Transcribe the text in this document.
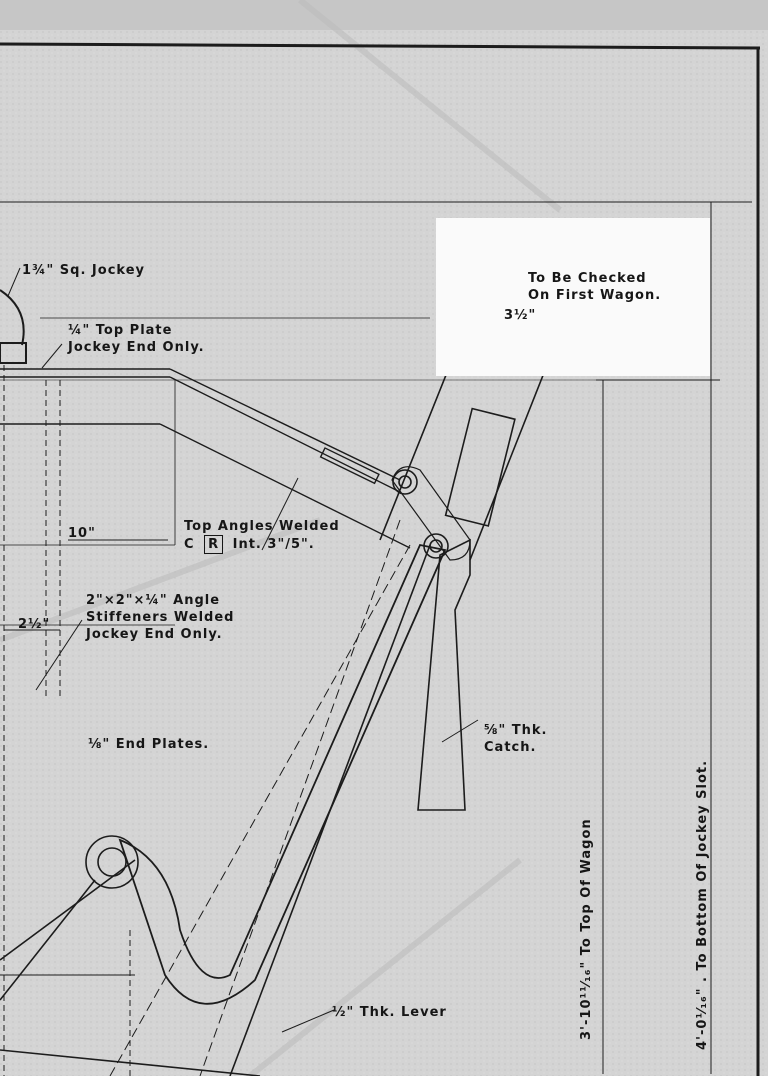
1¾" Sq. Jockey
¼" Top Plate
Jockey End Only.
To Be Checked
On First Wagon.
3½"
10"	Top Angles Welded
C R Int. 3"/5".
2"×2"×¼" Angle
Stiffeners Welded
Jockey End Only.
2½"
⅛" End Plates.
⅝" Thk.
Catch.
½" Thk. Lever	3'-10¹¹⁄₁₆" To Top Of Wagon	4'-0¹⁄₁₆" . To Bottom Of Jockey Slot.
